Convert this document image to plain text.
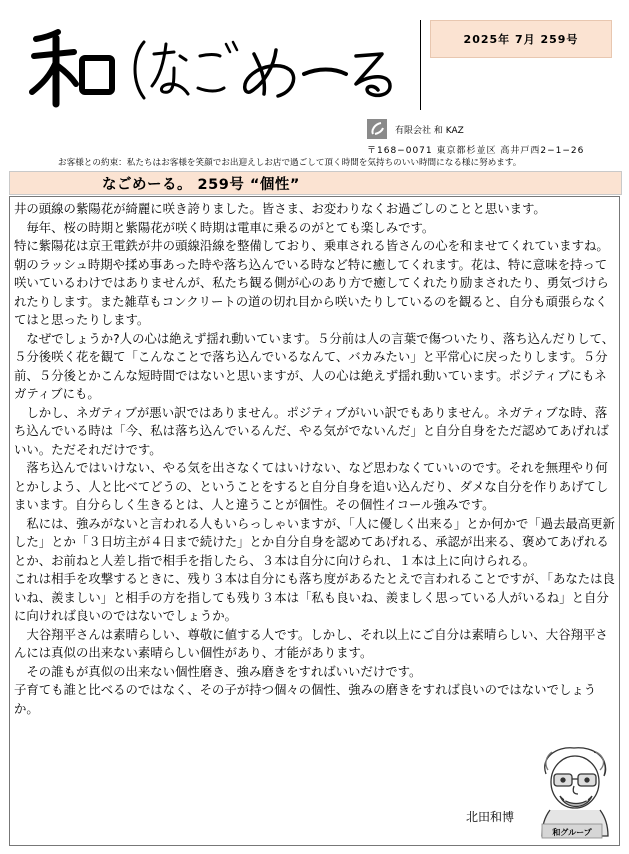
2025年 7月 259号
有限会社 和 KAZ
〒168−0071 東京都杉並区 高井戸西2−1−26
お客様との約束：私たちはお客様を笑顔でお出迎えしお店で過ごして頂く時間を気持ちのいい時間になる様に努めます。
なごめーる。 259号 “個性”

井の頭線の紫陽花が綺麗に咲き誇りました。皆さま、お変わりなくお過ごしのことと思います。

　毎年、桜の時期と紫陽花が咲く時期は電車に乗るのがとても楽しみです。

特に紫陽花は京王電鉄が井の頭線沿線を整備しており、乗車される皆さんの心を和ませてくれていますね。朝のラッシュ時期や揉め事あった時や落ち込んでいる時など特に癒してくれます。花は、特に意味を持って咲いているわけではありませんが、私たち観る側が心のあり方で癒してくれたり励まされたり、勇気づけられたりします。また雑草もコンクリートの道の切れ目から咲いたりしているのを観ると、自分も頑張らなくてはと思ったりします。

　なぜでしょうか?人の心は絶えず揺れ動いています。５分前は人の言葉で傷ついたり、落ち込んだりして、５分後咲く花を観て「こんなことで落ち込んでいるなんて、バカみたい」と平常心に戻ったりします。５分前、５分後とかこんな短時間ではないと思いますが、人の心は絶えず揺れ動いています。ポジティブにもネガティブにも。

　しかし、ネガティブが悪い訳ではありません。ポジティブがいい訳でもありません。ネガティブな時、落ち込んでいる時は「今、私は落ち込んでいるんだ、やる気がでないんだ」と自分自身をただ認めてあげればいい。ただそれだけです。

　落ち込んではいけない、やる気を出さなくてはいけない、など思わなくていいのです。それを無理やり何とかしよう、人と比べてどうの、ということをすると自分自身を追い込んだり、ダメな自分を作りあげてしまいます。自分らしく生きるとは、人と違うことが個性。その個性イコール強みです。

　私には、強みがないと言われる人もいらっしゃいますが、「人に優しく出来る」とか何かで「過去最高更新した」とか「３日坊主が４日まで続けた」とか自分自身を認めてあげれる、承認が出来る、褒めてあげれるとか、お前ねと人差し指で相手を指したら、３本は自分に向けられ、１本は上に向けられる。

これは相手を攻撃するときに、残り３本は自分にも落ち度があるたとえで言われることですが、「あなたは良いね、羨ましい」と相手の方を指しても残り３本は「私も良いね、羨ましく思っている人がいるね」と自分に向ければ良いのではないでしょうか。

　大谷翔平さんは素晴らしい、尊敬に値する人です。しかし、それ以上にご自分は素晴らしい、大谷翔平さんには真似の出来ない素晴らしい個性があり、才能があります。

　その誰もが真似の出来ない個性磨き、強み磨きをすればいいだけです。

子育ても誰と比べるのではなく、その子が持つ個々の個性、強みの磨きをすれば良いのではないでしょうか。

北田和博
和グループ
